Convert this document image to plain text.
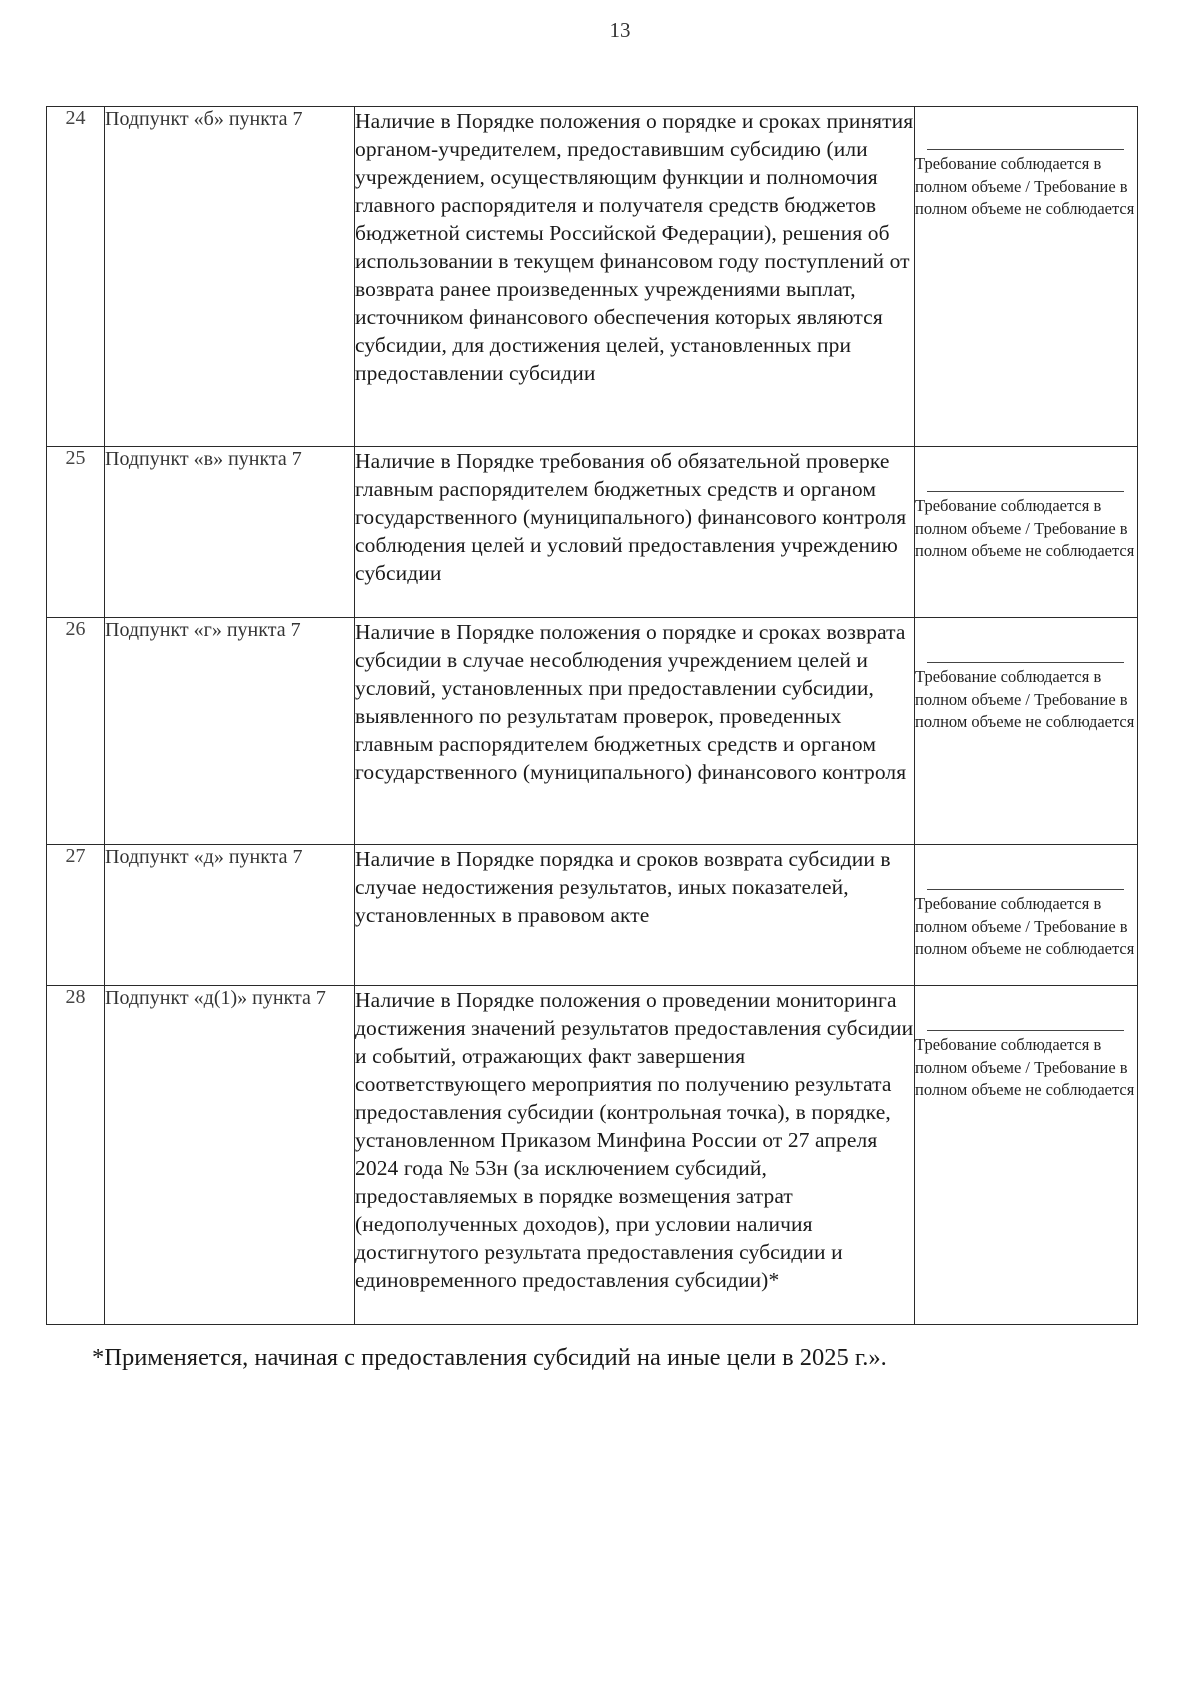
13
24	Подпункт «б» пункта 7	Наличие в Порядке положения о порядке и сроках принятия органом-учредителем, предоставившим субсидию (или учреждением, осуществляющим функции и полномочия главного распорядителя и получателя средств бюджетов бюджетной системы Российской Федерации), решения об использовании в текущем финансовом году поступлений от возврата ранее произведенных учреждениями выплат, источником финансового обеспечения которых являются субсидии, для достижения целей, установленных при предоставлении субсидии	Требование соблюдается в полном объеме / Требование в полном объеме не соблюдается
25	Подпункт «в» пункта 7	Наличие в Порядке требования об обязательной проверке главным распорядителем бюджетных средств и органом государственного (муниципального) финансового контроля соблюдения целей и условий предоставления учреждению субсидии	Требование соблюдается в полном объеме / Требование в полном объеме не соблюдается
26	Подпункт «г» пункта 7	Наличие в Порядке положения о порядке и сроках возврата субсидии в случае несоблюдения учреждением целей и условий, установленных при предоставлении субсидии, выявленного по результатам проверок, проведенных главным распорядителем бюджетных средств и органом государственного (муниципального) финансового контроля	Требование соблюдается в полном объеме / Требование в полном объеме не соблюдается
27	Подпункт «д» пункта 7	Наличие в Порядке порядка и сроков возврата субсидии в случае недостижения результатов, иных показателей, установленных в правовом акте	Требование соблюдается в полном объеме / Требование в полном объеме не соблюдается
28	Подпункт «д(1)» пункта 7	Наличие в Порядке положения о проведении мониторинга достижения значений результатов предоставления субсидии и событий, отражающих факт завершения соответствующего мероприятия по получению результата предоставления субсидии (контрольная точка), в порядке, установленном Приказом Минфина России от 27 апреля 2024 года № 53н (за исключением субсидий, предоставляемых в порядке возмещения затрат (недополученных доходов), при условии наличия достигнутого результата предоставления субсидии и единовременного предоставления субсидии)*	Требование соблюдается в полном объеме / Требование в полном объеме не соблюдается
*Применяется, начиная с предоставления субсидий на иные цели в 2025 г.».
